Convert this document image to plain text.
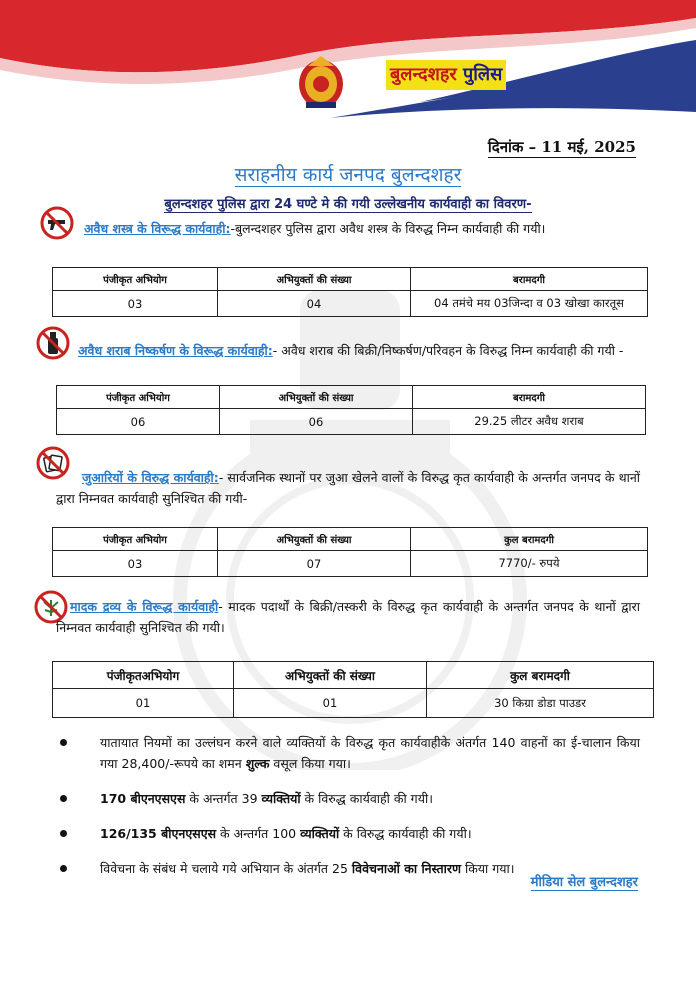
बुलन्दशहर पुलिस
दिनांक – 11 मई, 2025
सराहनीय कार्य जनपद बुलन्दशहर
बुलन्दशहर पुलिस द्वारा 24 घण्टे मे की गयी उल्लेखनीय कार्यवाही का विवरण-
अवैध शस्त्र के विरूद्ध कार्यवाही:-बुलन्दशहर पुलिस द्वारा अवैध शस्त्र के विरुद्ध निम्न कार्यवाही की गयी।
पंजीकृत अभियोग	अभियुक्तों की संख्या	बरामदगी
03	04	04 तमंचे मय 03जिन्दा व 03 खोखा कारतूस
अवैध शराब निष्कर्षण के विरूद्ध कार्यवाही:- अवैध शराब की बिक्री/निष्कर्षण/परिवहन के विरुद्ध निम्न कार्यवाही की गयी -
पंजीकृत अभियोग	अभियुक्तों की संख्या	बरामदगी
06	06	29.25 लीटर अवैध शराब
जुआरियों के विरुद्ध कार्यवाही:- सार्वजनिक स्थानों पर जुआ खेलने वालों के विरुद्ध कृत कार्यवाही के अन्तर्गत जनपद के थानों द्वारा निम्नवत कार्यवाही सुनिश्चित की गयी-
पंजीकृत अभियोग	अभियुक्तों की संख्या	कुल बरामदगी
03	07	7770/- रुपये
मादक द्रव्य के विरूद्ध कार्यवाही- मादक पदार्थों के बिक्री/तस्करी के विरुद्ध कृत कार्यवाही के अन्तर्गत जनपद के थानों द्वारा निम्नवत कार्यवाही सुनिश्चित की गयी।
पंजीकृतअभियोग	अभियुक्तों की संख्या	कुल बरामदगी
01	01	30 किग्रा डोडा पाउडर
यातायात नियमों का उल्लंघन करने वाले व्यक्तियों के विरुद्ध कृत कार्यवाहीके अंतर्गत 140 वाहनों का ई-चालान किया गया 28,400/-रूपये का शमन शुल्क वसूल किया गया।
170 बीएनएसएस के अन्तर्गत 39 व्यक्तियों के विरुद्ध कार्यवाही की गयी।
126/135 बीएनएसएस के अन्तर्गत 100 व्यक्तियों के विरुद्ध कार्यवाही की गयी।
विवेचना के संबंध मे चलाये गये अभियान के अंतर्गत 25 विवेचनाओं का निस्तारण किया गया।
मीडिया सेल बुलन्दशहर
